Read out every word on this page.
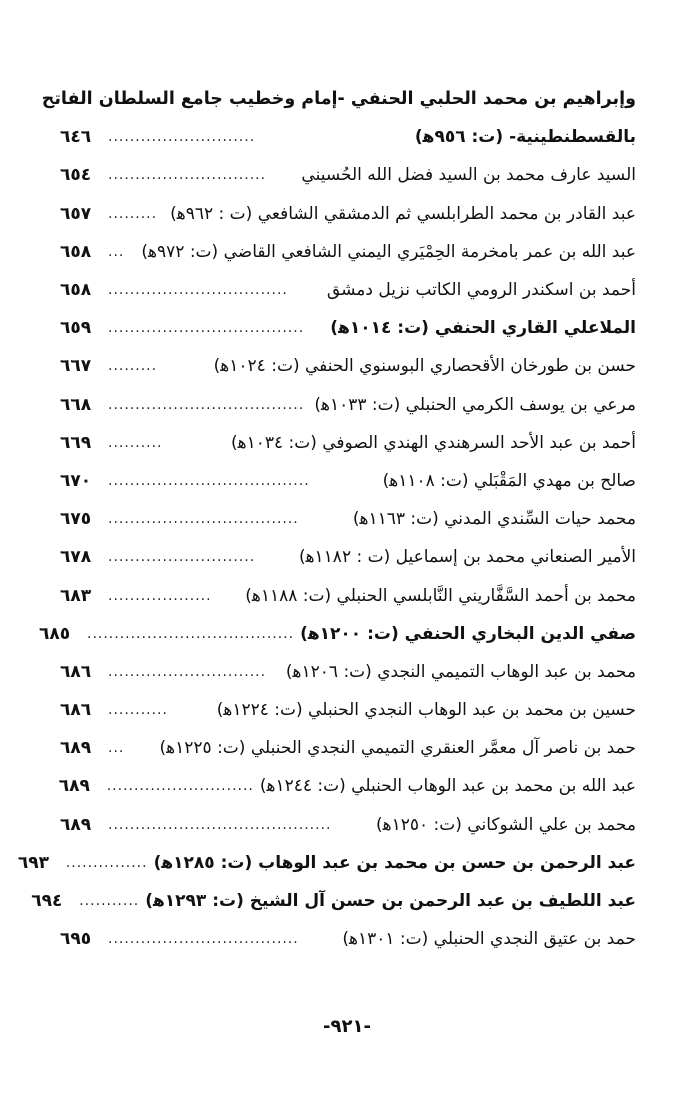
وإبراهيم بن محمد الحلبي الحنفي -إمام وخطيب جامع السلطان الفاتح
بالقسطنطينية- (ت: ٩٥٦ﻫ)
...........................
٦٤٦
السيد عارف محمد بن السيد فضل الله الحُسيني
.............................
٦٥٤
عبد القادر بن محمد الطرابلسي ثم الدمشقي الشافعي (ت : ٩٦٢ﻫ)
.........
٦٥٧
عبد الله بن عمر بامخرمة الحِمْيَري اليمني الشافعي القاضي (ت: ٩٧٢ﻫ)
...
٦٥٨
أحمد بن اسكندر الرومي الكاتب نزيل دمشق
.................................
٦٥٨
الملاعلي القاري الحنفي (ت: ١٠١٤ﻫ)
....................................
٦٥٩
حسن بن طورخان الأقحصاري البوسنوي الحنفي (ت: ١٠٢٤ﻫ)
.........
٦٦٧
مرعي بن يوسف الكرمي الحنبلي (ت: ١٠٣٣ﻫ)
....................................
٦٦٨
أحمد بن عبد الأحد السرهندي الهندي الصوفي (ت: ١٠٣٤ﻫ)
..........
٦٦٩
صالح بن مهدي المَقْبَلي (ت: ١١٠٨ﻫ)
.....................................
٦٧٠
محمد حيات السِّندي المدني (ت: ١١٦٣ﻫ)
...................................
٦٧٥
الأمير الصنعاني محمد بن إسماعيل (ت : ١١٨٢ﻫ)
...........................
٦٧٨
محمد بن أحمد السَّفَّاريني النَّابلسي الحنبلي (ت: ١١٨٨ﻫ)
...................
٦٨٣
صفي الدين البخاري الحنفي (ت: ١٢٠٠ﻫ)
......................................
٦٨٥
محمد بن عبد الوهاب التميمي النجدي (ت: ١٢٠٦ﻫ)
.............................
٦٨٦
حسين بن محمد بن عبد الوهاب النجدي الحنبلي (ت: ١٢٢٤ﻫ)
...........
٦٨٦
حمد بن ناصر آل معمَّر العنقري التميمي النجدي الحنبلي (ت: ١٢٢٥ﻫ)
...
٦٨٩
عبد الله بن محمد بن عبد الوهاب الحنبلي (ت: ١٢٤٤ﻫ)
...........................
٦٨٩
محمد بن علي الشوكاني (ت: ١٢٥٠ﻫ)
.........................................
٦٨٩
عبد الرحمن بن حسن بن محمد بن عبد الوهاب (ت: ١٢٨٥ﻫ)
...............
٦٩٣
عبد اللطيف بن عبد الرحمن بن حسن آل الشيخ (ت: ١٢٩٣ﻫ)
...........
٦٩٤
حمد بن عتيق النجدي الحنبلي (ت: ١٣٠١ﻫ)
...................................
٦٩٥
-٩٢١-
